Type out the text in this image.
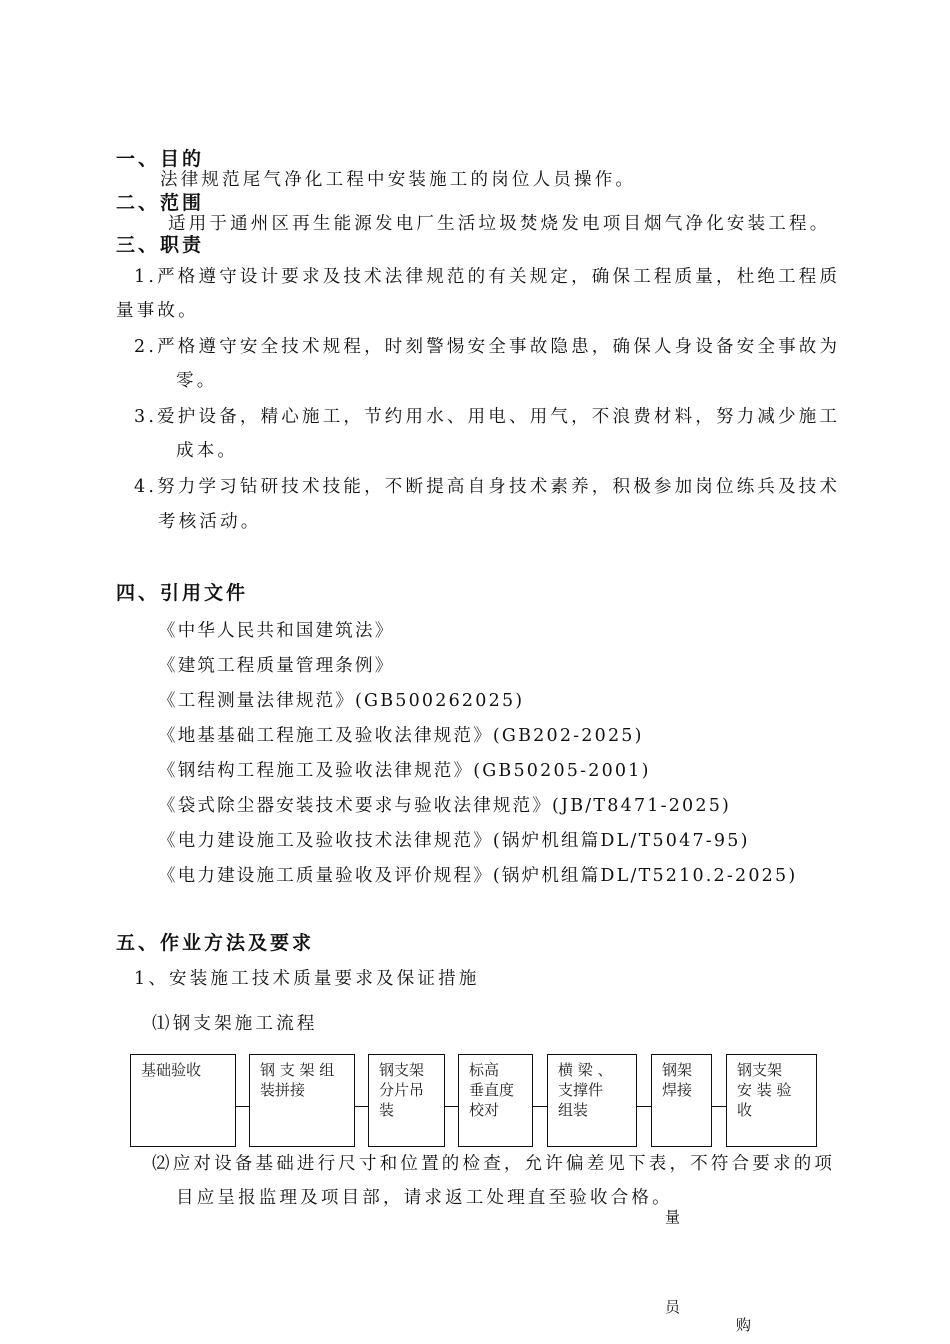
一、目的
法律规范尾气净化工程中安装施工的岗位人员操作。
二、范围
适用于通州区再生能源发电厂生活垃圾焚烧发电项目烟气净化安装工程。
三、职责
1.严格遵守设计要求及技术法律规范的有关规定，确保工程质量，杜绝工程质
量事故。
2.严格遵守安全技术规程，时刻警惕安全事故隐患，确保人身设备安全事故为
零。
3.爱护设备，精心施工，节约用水、用电、用气，不浪费材料，努力减少施工
成本。
4.努力学习钻研技术技能，不断提高自身技术素养，积极参加岗位练兵及技术
考核活动。
四、引用文件
《中华人民共和国建筑法》
《建筑工程质量管理条例》
《工程测量法律规范》(GB500262025)
《地基基础工程施工及验收法律规范》(GB202-2025)
《钢结构工程施工及验收法律规范》(GB50205-2001)
《袋式除尘器安装技术要求与验收法律规范》(JB/T8471-2025)
《电力建设施工及验收技术法律规范》(锅炉机组篇DL/T5047-95)
《电力建设施工质量验收及评价规程》(锅炉机组篇DL/T5210.2-2025)
五、作业方法及要求
1、安装施工技术质量要求及保证措施
⑴钢支架施工流程
基础验收	钢 支 架 组
装拼接
钢支架
分片吊
装
标高
垂直度
校对
横 梁 、
支撑件
组装
钢架
焊接
钢支架
安 装 验
收
⑵应对设备基础进行尺寸和位置的检查，允许偏差见下表，不符合要求的项
目应呈报监理及项目部，请求返工处理直至验收合格。
量
员
购
